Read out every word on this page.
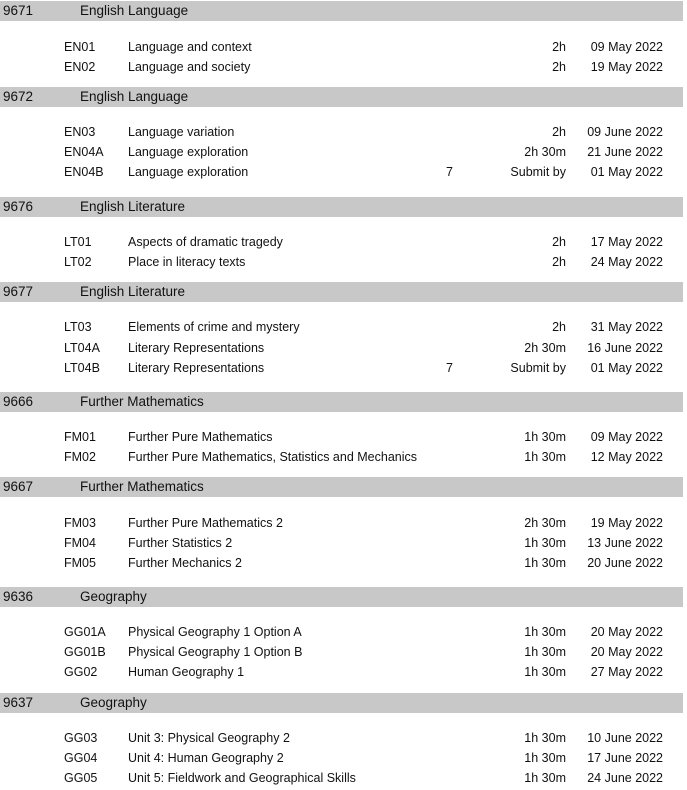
9671	English Language
EN01	Language and context	2h 09 May 2022
EN02	Language and society	2h 19 May 2022
9672	English Language
EN03	Language variation	2h 09 June 2022
EN04A Language exploration	2h 30m 21 June 2022
EN04B Language exploration	7	Submit by 01 May 2022
9676	English Literature
LT01	Aspects of dramatic tragedy	2h 17 May 2022
LT02	Place in literacy texts	2h 24 May 2022
9677	English Literature
LT03	Elements of crime and mystery	2h 31 May 2022
LT04A Literary Representations	2h 30m 16 June 2022
LT04B Literary Representations	7	Submit by 01 May 2022
9666	Further Mathematics
FM01	Further Pure Mathematics	1h 30m 09 May 2022
FM02	Further Pure Mathematics, Statistics and Mechanics	1h 30m 12 May 2022
9667	Further Mathematics
FM03	Further Pure Mathematics 2	2h 30m 19 May 2022
FM04	Further Statistics 2	1h 30m 13 June 2022
FM05	Further Mechanics 2	1h 30m 20 June 2022
9636	Geography
GG01A Physical Geography 1 Option A	1h 30m 20 May 2022
GG01B Physical Geography 1 Option B	1h 30m 20 May 2022
GG02 Human Geography 1	1h 30m 27 May 2022
9637	Geography
GG03 Unit 3: Physical Geography 2	1h 30m 10 June 2022
GG04 Unit 4: Human Geography 2	1h 30m 17 June 2022
GG05 Unit 5: Fieldwork and Geographical Skills	1h 30m 24 June 2022
